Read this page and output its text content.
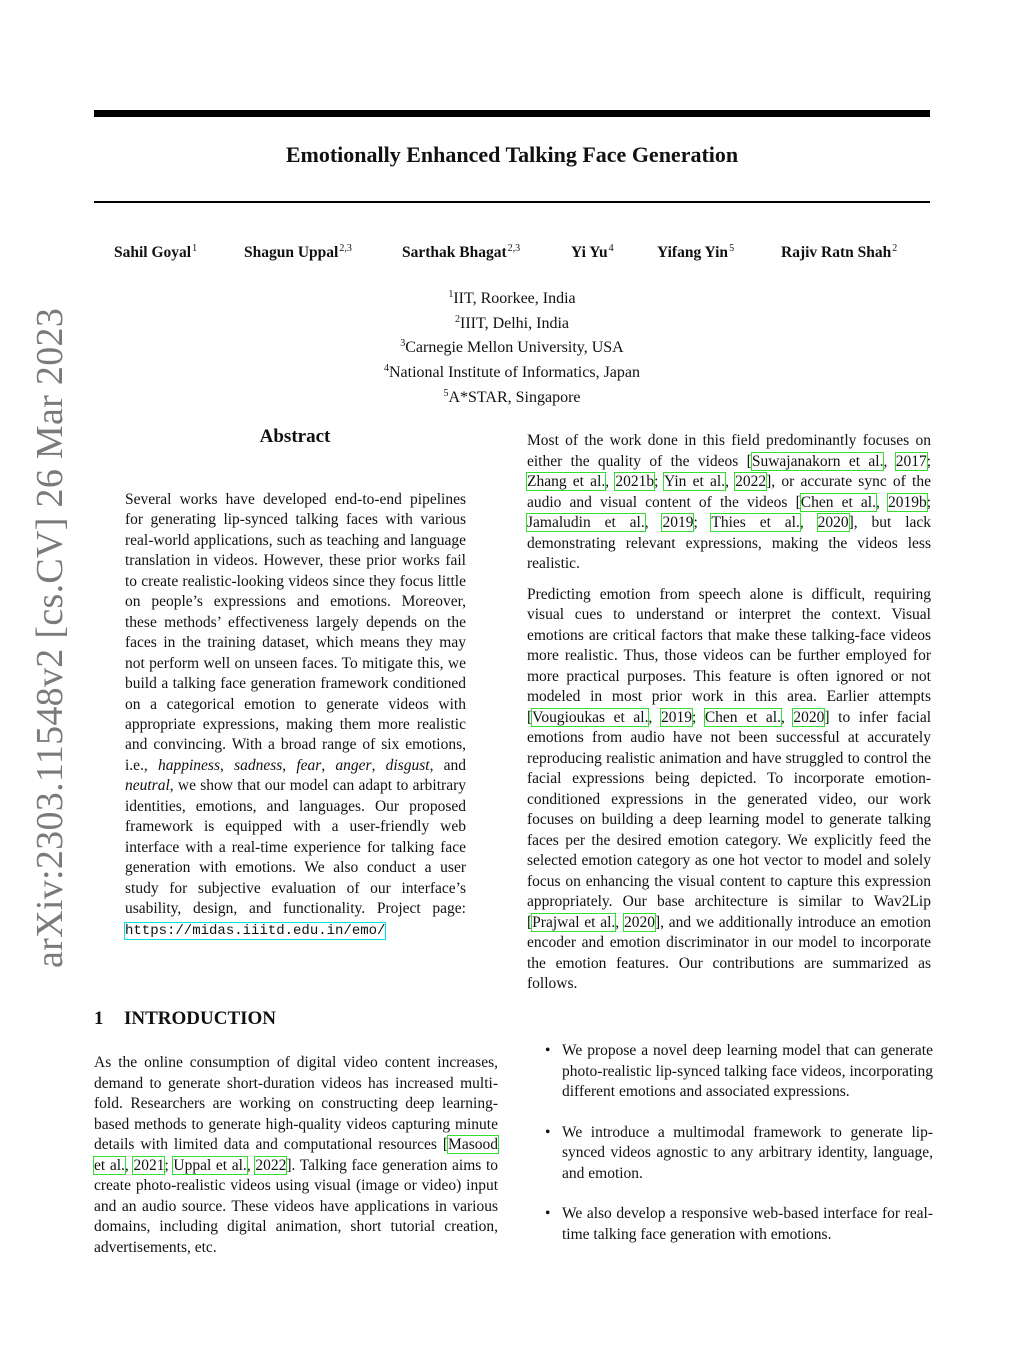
Emotionally Enhanced Talking Face Generation
Sahil Goyal$^1$	Shagun Uppal$^{2,3}$	Sarthak Bhagat$^{2,3}$	Yi Yu$^4$	Yifang Yin$^5$	Rajiv Ratn Shah$^2$
$^1$IIT, Roorkee, India
$^2$IIIT, Delhi, India
$^3$Carnegie Mellon University, USA
$^4$National Institute of Informatics, Japan
$^5$A*STAR, Singapore
arXiv:2303.11548v2 [cs.CV] 26 Mar 2023	Abstract
Several works have developed end-to-end pipelines for generating lip-synced talking faces with various real-world applications, such as teaching and language translation in videos. However, these prior works fail to create realistic-looking videos since they focus little on people’s expressions and emotions. Moreover, these methods’ effectiveness largely depends on the faces in the training dataset, which means they may not perform well on unseen faces. To mitigate this, we build a talking face generation framework conditioned on a categorical emotion to generate videos with appropriate expressions, making them more realistic and convincing. With a broad range of six emotions, i.e., happiness, sadness, fear, anger, disgust, and neutral, we show that our model can adapt to arbitrary identities, emotions, and languages. Our proposed framework is equipped with a user-friendly web interface with a real-time experience for talking face generation with emotions. We also conduct a user study for subjective evaluation of our interface’s usability, design, and functionality. Project page: https://midas.iiitd.edu.in/emo/
1 INTRODUCTION

As the online consumption of digital video content increases, demand to generate short-duration videos has increased multi-fold. Researchers are working on constructing deep learning-based methods to generate high-quality videos capturing minute details with limited data and computational resources [Masood et al., 2021; Uppal et al., 2022]. Talking face generation aims to create photo-realistic videos using visual (image or video) input and an audio source. These videos have applications in various domains, including digital animation, short tutorial creation, advertisements, etc.

Most of the work done in this field predominantly focuses on either the quality of the videos [Suwajanakorn et al., 2017; Zhang et al., 2021b; Yin et al., 2022], or accurate sync of the audio and visual content of the videos [Chen et al., 2019b; Jamaludin et al., 2019; Thies et al., 2020], but lack demonstrating relevant expressions, making the videos less realistic.

Predicting emotion from speech alone is difficult, requiring visual cues to understand or interpret the context. Visual emotions are critical factors that make these talking-face videos more realistic. Thus, those videos can be further employed for more practical purposes. This feature is often ignored or not modeled in most prior work in this area. Earlier attempts [Vougioukas et al., 2019; Chen et al., 2020] to infer facial emotions from audio have not been successful at accurately reproducing realistic animation and have struggled to control the facial expressions being depicted. To incorporate emotion-conditioned expressions in the generated video, our work focuses on building a deep learning model to generate talking faces per the desired emotion category. We explicitly feed the selected emotion category as one hot vector to model and solely focus on enhancing the visual content to capture this expression appropriately. Our base architecture is similar to Wav2Lip [Prajwal et al., 2020], and we additionally introduce an emotion encoder and emotion discriminator in our model to incorporate the emotion features. Our contributions are summarized as follows.

• We propose a novel deep learning model that can generate photo-realistic lip-synced talking face videos, incorporating different emotions and associated expressions.
• We introduce a multimodal framework to generate lip-synced videos agnostic to any arbitrary identity, language, and emotion.
• We also develop a responsive web-based interface for real-time talking face generation with emotions.
